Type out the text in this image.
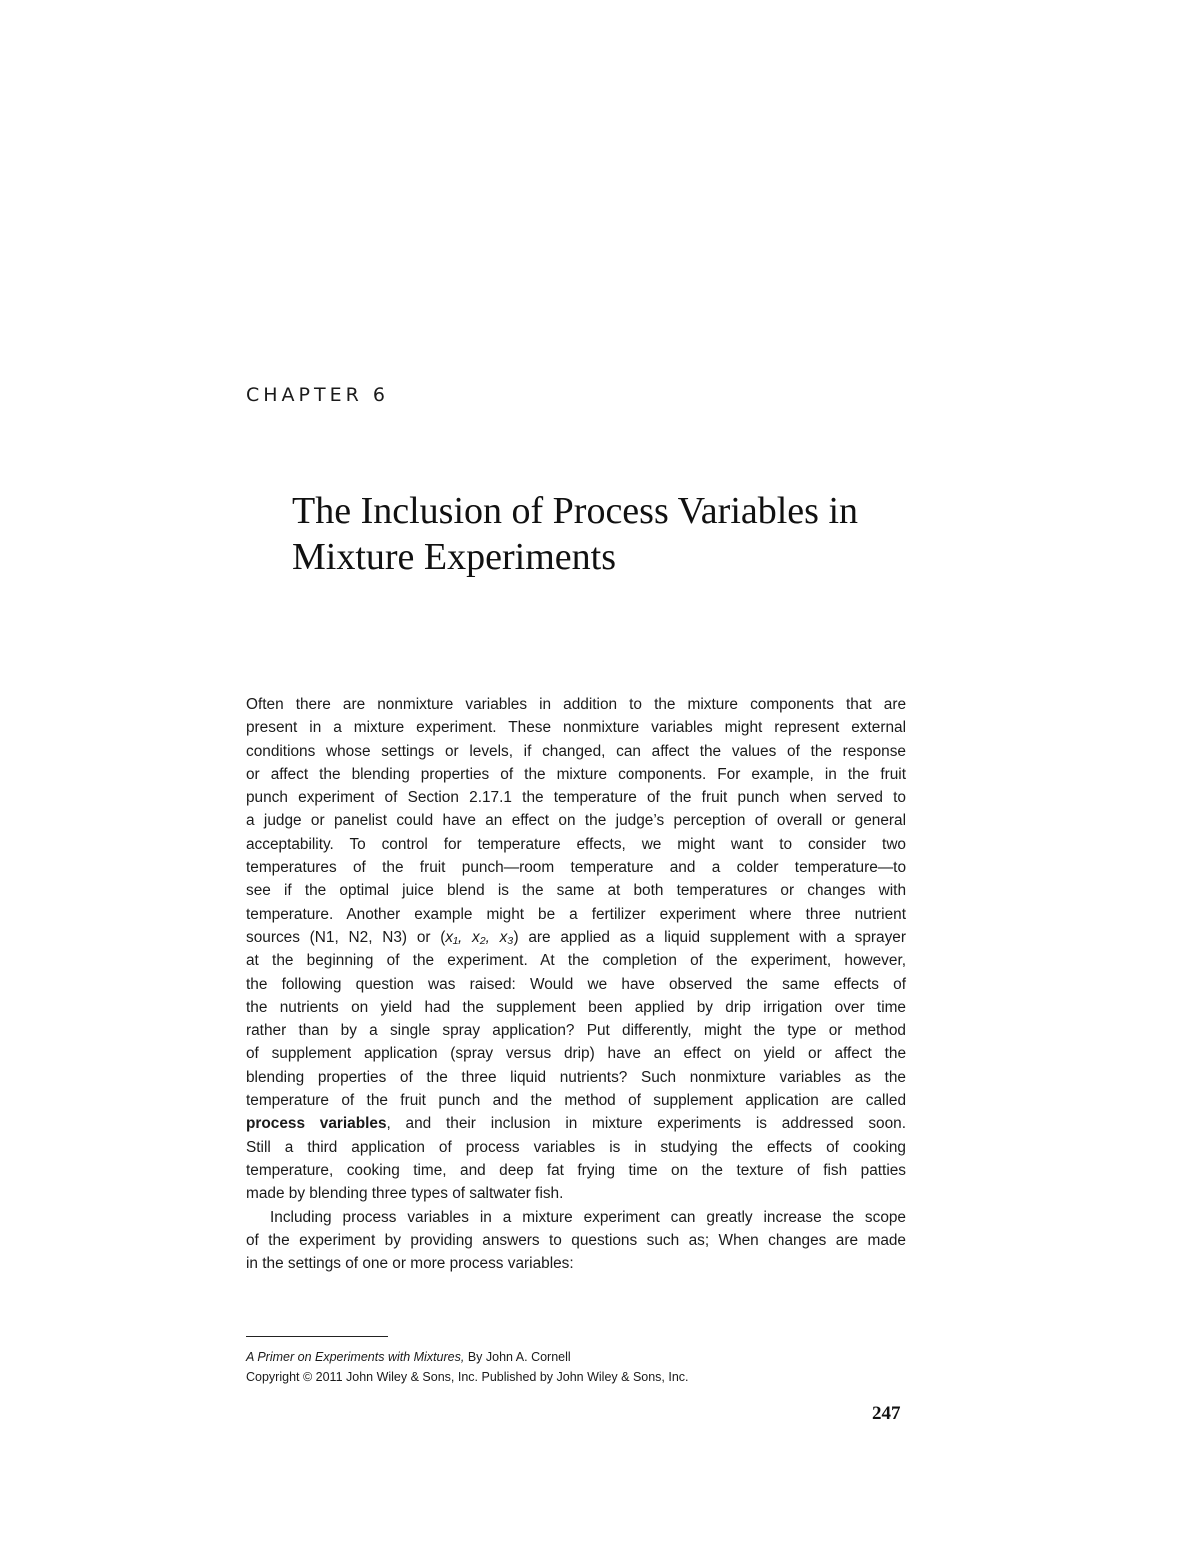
CHAPTER 6
The Inclusion of Process Variables in
Mixture Experiments
Often there are nonmixture variables in addition to the mixture components that are
present in a mixture experiment. These nonmixture variables might represent external
conditions whose settings or levels, if changed, can affect the values of the response
or affect the blending properties of the mixture components. For example, in the fruit
punch experiment of Section 2.17.1 the temperature of the fruit punch when served to
a judge or panelist could have an effect on the judge’s perception of overall or general
acceptability. To control for temperature effects, we might want to consider two
temperatures of the fruit punch—room temperature and a colder temperature—to
see if the optimal juice blend is the same at both temperatures or changes with
temperature. Another example might be a fertilizer experiment where three nutrient
sources (N1, N2, N3) or (x₁, x₂, x₃) are applied as a liquid supplement with a sprayer
at the beginning of the experiment. At the completion of the experiment, however,
the following question was raised: Would we have observed the same effects of
the nutrients on yield had the supplement been applied by drip irrigation over time
rather than by a single spray application? Put differently, might the type or method
of supplement application (spray versus drip) have an effect on yield or affect the
blending properties of the three liquid nutrients? Such nonmixture variables as the
temperature of the fruit punch and the method of supplement application are called
process variables, and their inclusion in mixture experiments is addressed soon.
Still a third application of process variables is in studying the effects of cooking
temperature, cooking time, and deep fat frying time on the texture of fish patties
made by blending three types of saltwater fish.
Including process variables in a mixture experiment can greatly increase the scope
of the experiment by providing answers to questions such as; When changes are made
in the settings of one or more process variables:
A Primer on Experiments with Mixtures, By John A. Cornell
Copyright © 2011 John Wiley & Sons, Inc. Published by John Wiley & Sons, Inc.
247
